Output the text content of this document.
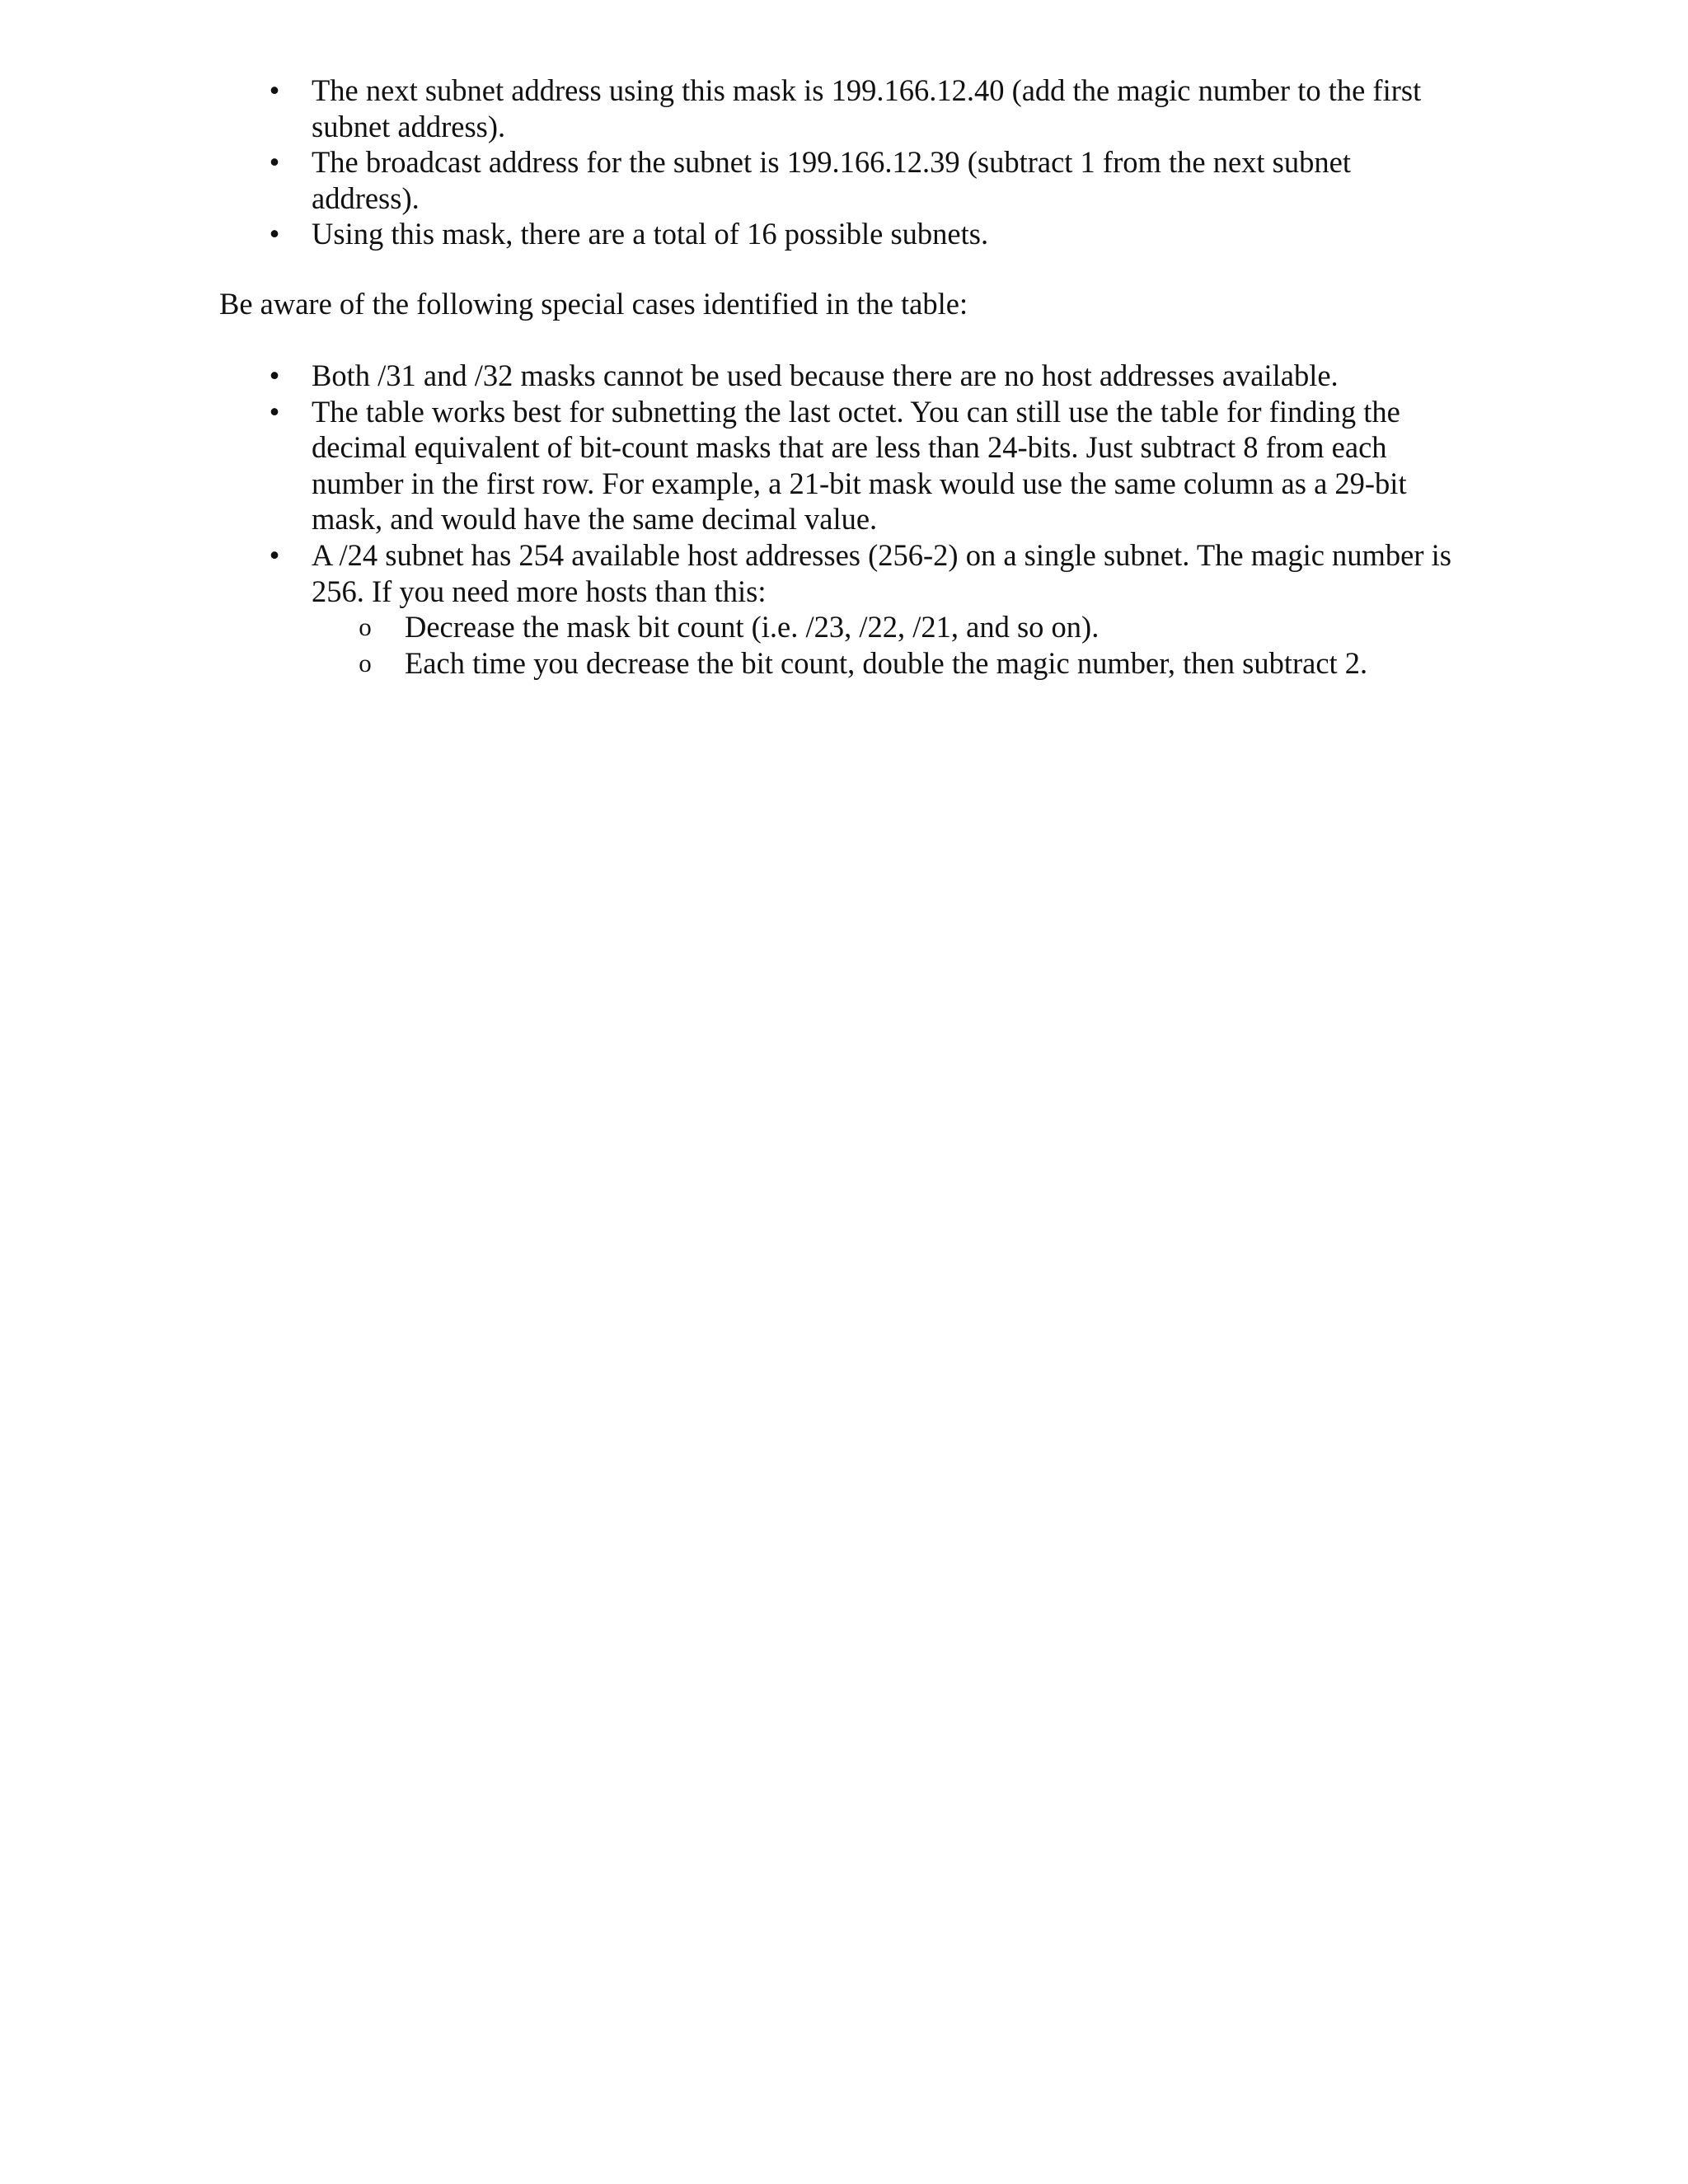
• The next subnet address using this mask is 199.166.12.40 (add the magic number to the first subnet address).
• The broadcast address for the subnet is 199.166.12.39 (subtract 1 from the next subnet address).
• Using this mask, there are a total of 16 possible subnets.

Be aware of the following special cases identified in the table:

• Both /31 and /32 masks cannot be used because there are no host addresses available.
• The table works best for subnetting the last octet. You can still use the table for finding the decimal equivalent of bit-count masks that are less than 24-bits. Just subtract 8 from each number in the first row. For example, a 21-bit mask would use the same column as a 29-bit mask, and would have the same decimal value.
• A /24 subnet has 254 available host addresses (256-2) on a single subnet. The magic number is 256. If you need more hosts than this:
o Decrease the mask bit count (i.e. /23, /22, /21, and so on).
o Each time you decrease the bit count, double the magic number, then subtract 2.
